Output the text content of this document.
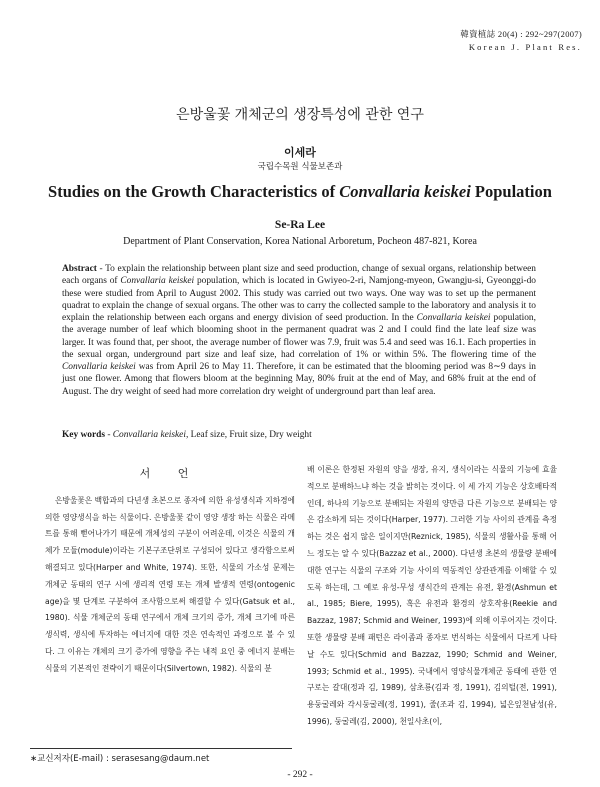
韓資植誌 20(4) : 292~297(2007)
Korean J. Plant Res.
은방울꽃 개체군의 생장특성에 관한 연구
이세라
국립수목원 식물보존과
Studies on the Growth Characteristics of Convallaria keiskei Population
Se-Ra Lee
Department of Plant Conservation, Korea National Arboretum, Pocheon 487-821, Korea
Abstract - To explain the relationship between plant size and seed production, change of sexual organs, relationship between each organs of Convallaria keiskei population, which is located in Gwiyeo-2-ri, Namjong-myeon, Gwangju-si, Gyeonggi-do these were studied from April to August 2002. This study was carried out two ways. One way was to set up the permanent quadrat to explain the change of sexual organs. The other was to carry the collected sample to the laboratory and analysis it to explain the relationship between each organs and energy division of seed production. In the Convallaria keiskei population, the average number of leaf which blooming shoot in the permanent quadrat was 2 and I could find the late leaf size was larger. It was found that, per shoot, the average number of flower was 7.9, fruit was 5.4 and seed was 16.1. Each properties in the sexual organ, underground part size and leaf size, had correlation of 1% or within 5%. The flowering time of the Convallaria keiskei was from April 26 to May 11. Therefore, it can be estimated that the blooming period was 8∼9 days in just one flower. Among that flowers bloom at the beginning May, 80% fruit at the end of May, and 68% fruit at the end of August. The dry weight of seed had more correlation dry weight of underground part than leaf area.
Key words - Convallaria keiskei, Leaf size, Fruit size, Dry weight
서 언

은방울꽃은 백합과의 다년생 초본으로 종자에 의한 유성생식과 지하경에 의한 영양생식을 하는 식물이다. 은방울꽃 같이 영양 생장 하는 식물은 라메트를 통해 뻗어나가기 때문에 개체성의 구분이 어려운데, 이것은 식물의 개체가 모듈(module)이라는 기본구조단위로 구성되어 있다고 생각함으로써 해결되고 있다(Harper and White, 1974). 또한, 식물의 가소성 문제는 개체군 동태의 연구 시에 생리적 연령 또는 개체 발생적 연령(ontogenic age)을 몇 단계로 구분하여 조사함으로써 해결할 수 있다(Gatsuk et al., 1980). 식물 개체군의 동태 연구에서 개체 크기의 증가, 개체 크기에 따른 생식력, 생식에 투자하는 에너지에 대한 것은 연속적인 과정으로 볼 수 있다. 그 이유는 개체의 크기 증가에 영향을 주는 내적 요인 중 에너지 분배는 식물의 기본적인 전략이기 때문이다(Silvertown, 1982). 식물의 분

배 이론은 한정된 자원의 양을 생장, 유지, 생식이라는 식물의 기능에 효율적으로 분배하느냐 하는 것을 밝히는 것이다. 이 세 가지 기능은 상호배타적인데, 하나의 기능으로 분배되는 자원의 양만큼 다른 기능으로 분배되는 양은 감소하게 되는 것이다(Harper, 1977). 그러한 기능 사이의 관계를 측정하는 것은 쉽지 않은 일이지만(Reznick, 1985), 식물의 생활사를 통해 어느 정도는 알 수 있다(Bazzaz et al., 2000). 다년생 초본의 생물량 분배에 대한 연구는 식물의 구조와 기능 사이의 역동적인 상관관계를 이해할 수 있도록 하는데, 그 예로 유성-무성 생식간의 관계는 유전, 환경(Ashmun et al., 1985; Biere, 1995), 혹은 유전과 환경의 상호작용(Reekie and Bazzaz, 1987; Schmid and Weiner, 1993)에 의해 이루어지는 것이다. 또한 생물량 분배 패턴은 라이좀과 종자로 번식하는 식물에서 다르게 나타날 수도 있다(Schmid and Bazzaz, 1990; Schmid and Weiner, 1993; Schmid et al., 1995). 국내에서 영양식물개체군 동태에 관한 연구로는 갈대(정과 김, 1989), 삼초룡(김과 정, 1991), 김의털(전, 1991), 용둥굴레와 각시둥굴레(정, 1991), 줄(조과 김, 1994), 넓은잎천남성(유, 1996), 둥굴레(김, 2000), 천일사초(이,

∗교신저자(E-mail) : serasesang@daum.net
- 292 -
